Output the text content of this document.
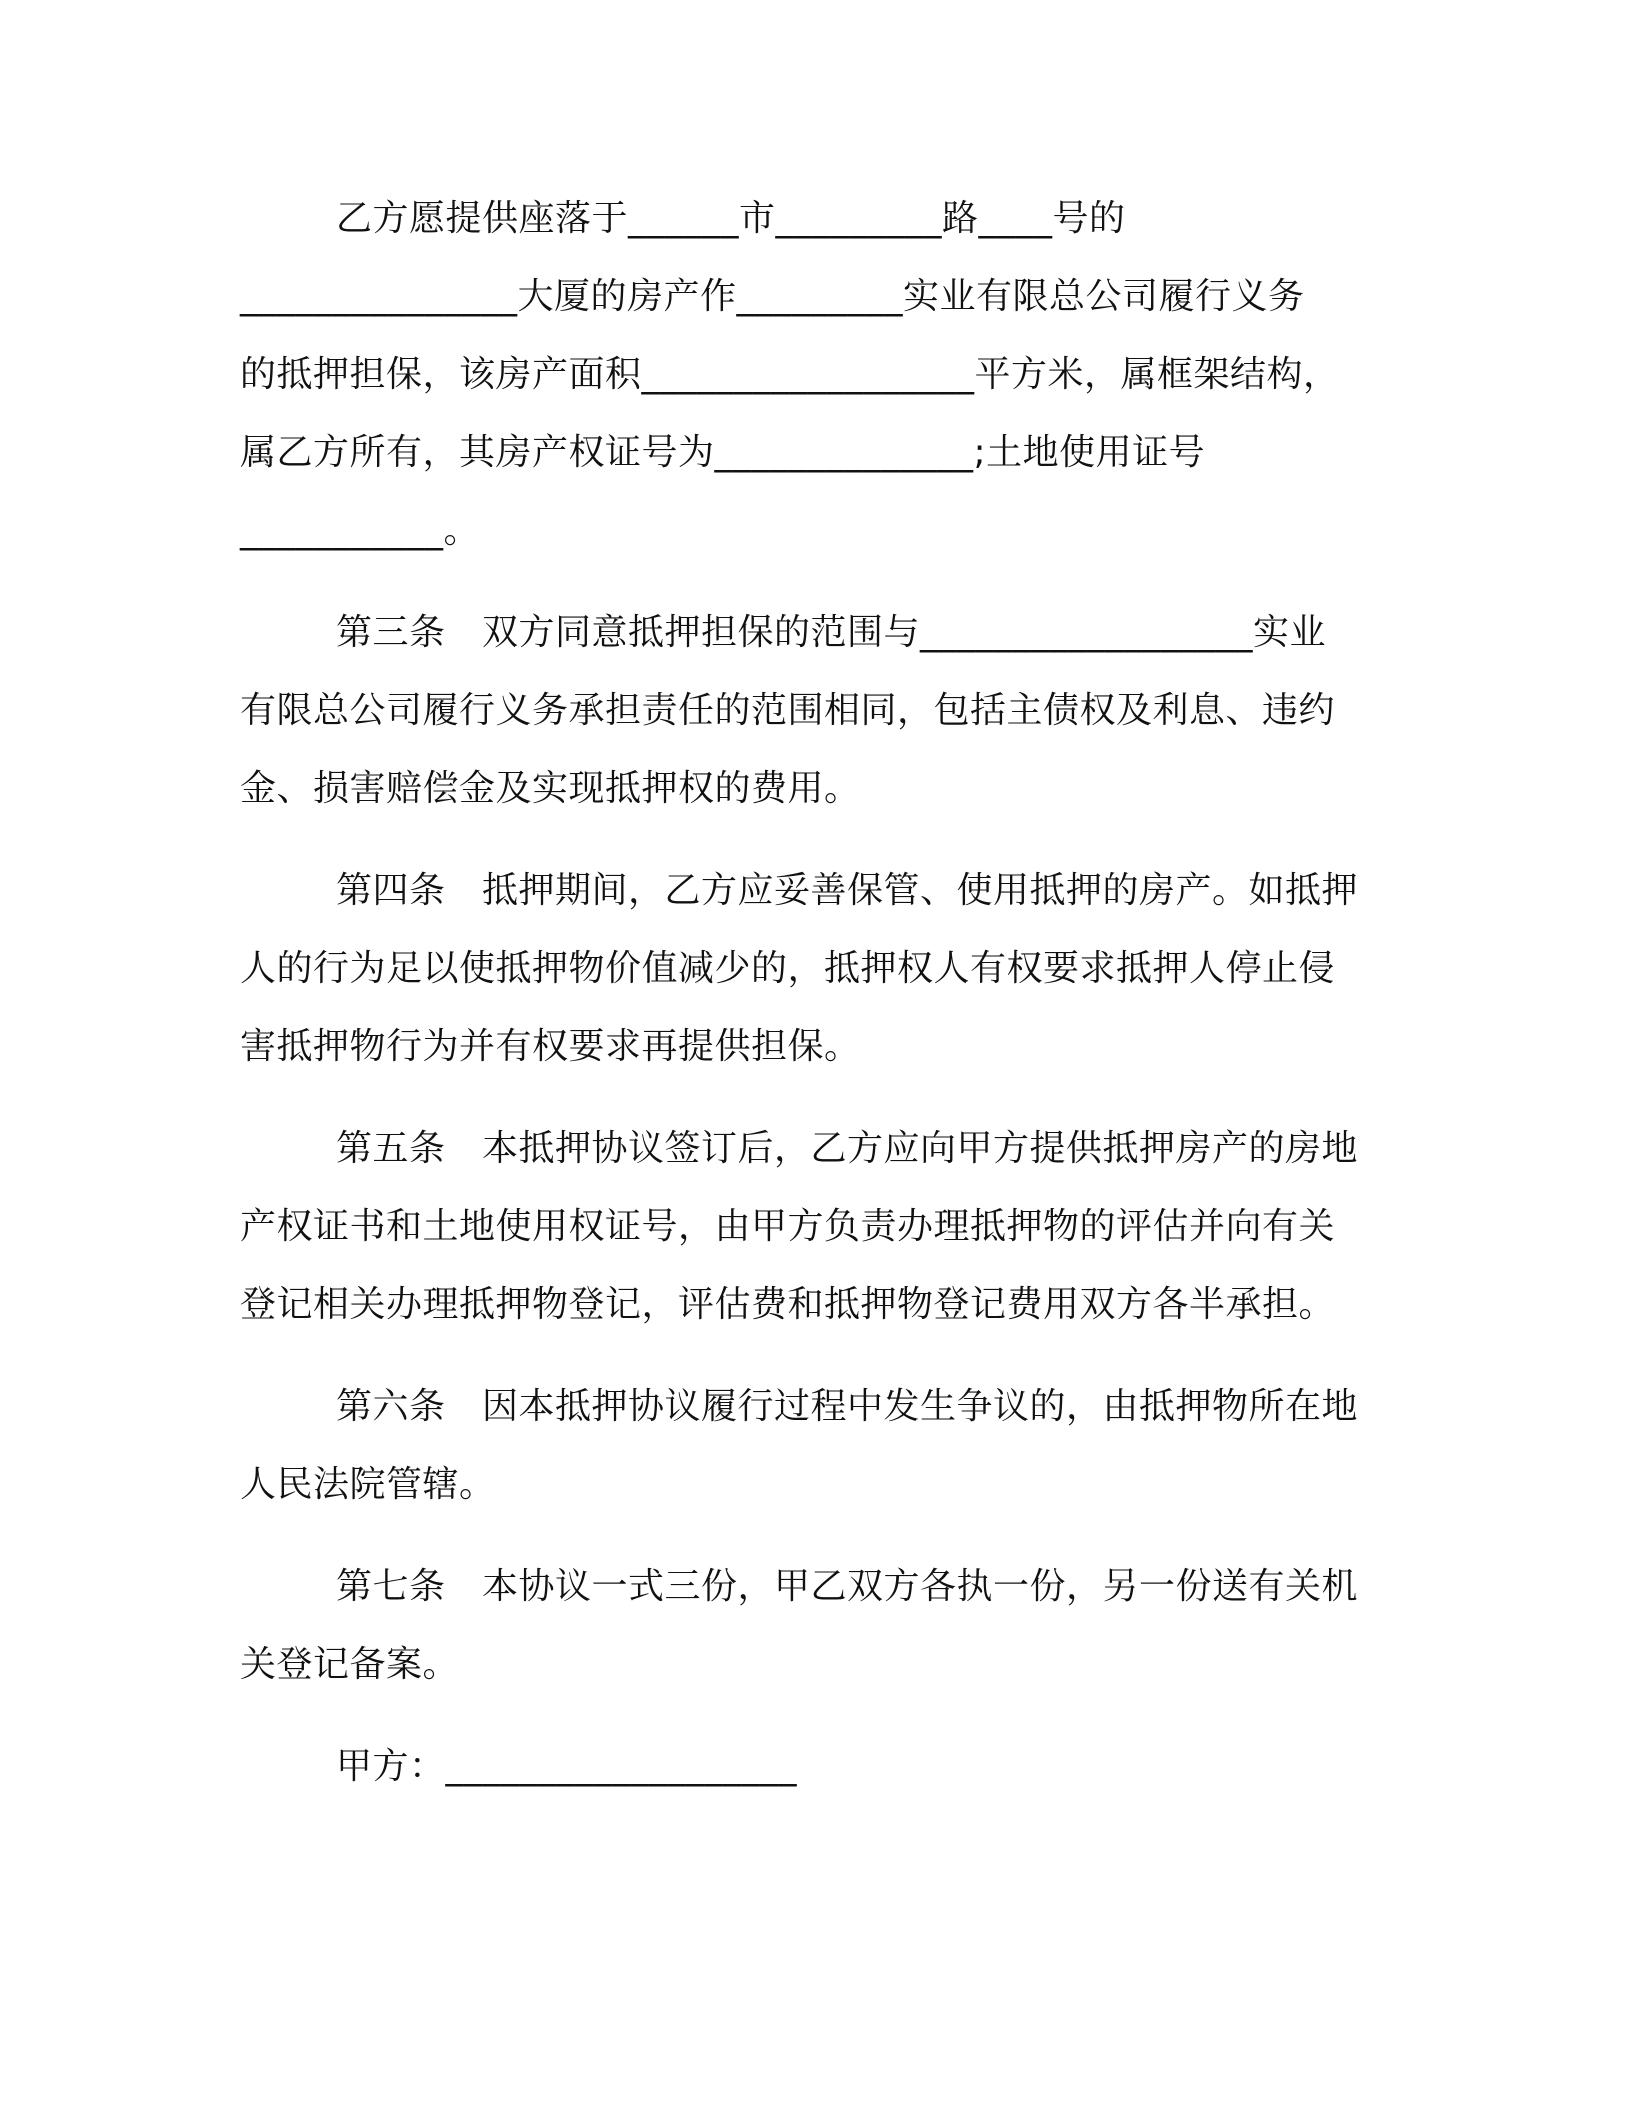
乙方愿提供座落于______市_________路____号的
_______________大厦的房产作_________实业有限总公司履行义务
的抵押担保，该房产面积__________________平方米，属框架结构，
属乙方所有，其房产权证号为______________;土地使用证号
___________。
第三条　双方同意抵押担保的范围与__________________实业
有限总公司履行义务承担责任的范围相同，包括主债权及利息、违约
金、损害赔偿金及实现抵押权的费用。
第四条　抵押期间，乙方应妥善保管、使用抵押的房产。如抵押
人的行为足以使抵押物价值减少的，抵押权人有权要求抵押人停止侵
害抵押物行为并有权要求再提供担保。
第五条　本抵押协议签订后，乙方应向甲方提供抵押房产的房地
产权证书和土地使用权证号，由甲方负责办理抵押物的评估并向有关
登记相关办理抵押物登记，评估费和抵押物登记费用双方各半承担。
第六条　因本抵押协议履行过程中发生争议的，由抵押物所在地
人民法院管辖。
第七条　本协议一式三份，甲乙双方各执一份，另一份送有关机
关登记备案。
甲方：___________________
